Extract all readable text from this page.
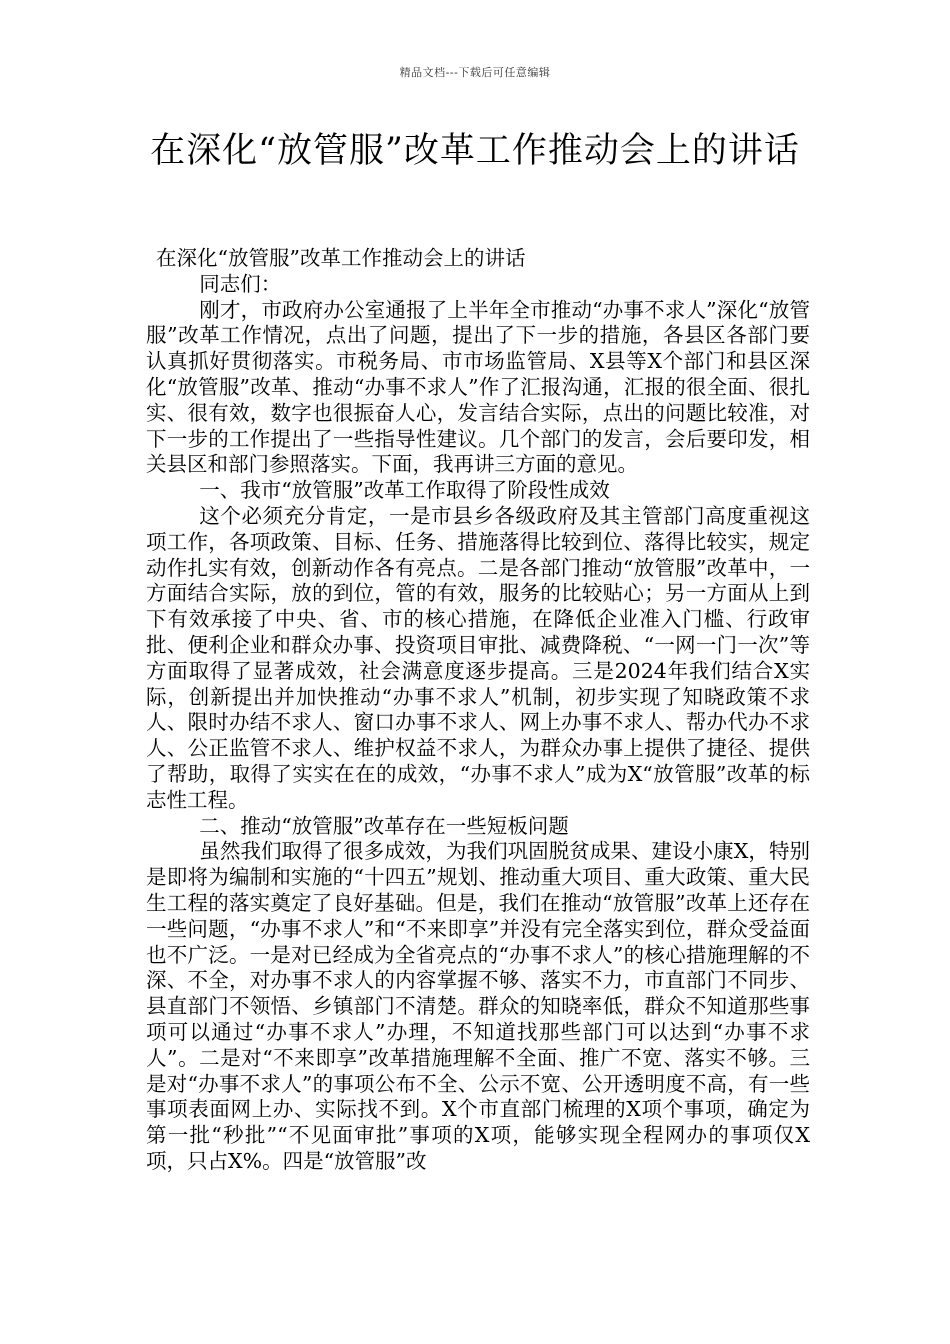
精品文档---下载后可任意编辑
在深化“放管服”改革工作推动会上的讲话

在深化“放管服”改革工作推动会上的讲话

同志们：

刚才，市政府办公室通报了上半年全市推动“办事不求人”深化“放管服”改革工作情况，点出了问题，提出了下一步的措施，各县区各部门要认真抓好贯彻落实。市税务局、市市场监管局、X县等X个部门和县区深化“放管服”改革、推动“办事不求人”作了汇报沟通，汇报的很全面、很扎实、很有效，数字也很振奋人心，发言结合实际，点出的问题比较准，对下一步的工作提出了一些指导性建议。几个部门的发言，会后要印发，相关县区和部门参照落实。下面，我再讲三方面的意见。

一、我市“放管服”改革工作取得了阶段性成效

这个必须充分肯定，一是市县乡各级政府及其主管部门高度重视这项工作，各项政策、目标、任务、措施落得比较到位、落得比较实，规定动作扎实有效，创新动作各有亮点。二是各部门推动“放管服”改革中，一方面结合实际，放的到位，管的有效，服务的比较贴心；另一方面从上到下有效承接了中央、省、市的核心措施，在降低企业准入门槛、行政审批、便利企业和群众办事、投资项目审批、减费降税、“一网一门一次”等方面取得了显著成效，社会满意度逐步提高。三是2024年我们结合X实际，创新提出并加快推动“办事不求人”机制，初步实现了知晓政策不求人、限时办结不求人、窗口办事不求人、网上办事不求人、帮办代办不求人、公正监管不求人、维护权益不求人，为群众办事上提供了捷径、提供了帮助，取得了实实在在的成效，“办事不求人”成为X“放管服”改革的标志性工程。

二、推动“放管服”改革存在一些短板问题

虽然我们取得了很多成效，为我们巩固脱贫成果、建设小康X，特别是即将为编制和实施的“十四五”规划、推动重大项目、重大政策、重大民生工程的落实奠定了良好基础。但是，我们在推动“放管服”改革上还存在一些问题，“办事不求人”和“不来即享”并没有完全落实到位，群众受益面也不广泛。一是对已经成为全省亮点的“办事不求人”的核心措施理解的不深、不全，对办事不求人的内容掌握不够、落实不力，市直部门不同步、县直部门不领悟、乡镇部门不清楚。群众的知晓率低，群众不知道那些事项可以通过“办事不求人”办理，不知道找那些部门可以达到“办事不求人”。二是对“不来即享”改革措施理解不全面、推广不宽、落实不够。三是对“办事不求人”的事项公布不全、公示不宽、公开透明度不高，有一些事项表面网上办、实际找不到。X个市直部门梳理的X项个事项，确定为第一批“秒批”“不见面审批”事项的X项，能够实现全程网办的事项仅X项，只占X%。四是“放管服”改
